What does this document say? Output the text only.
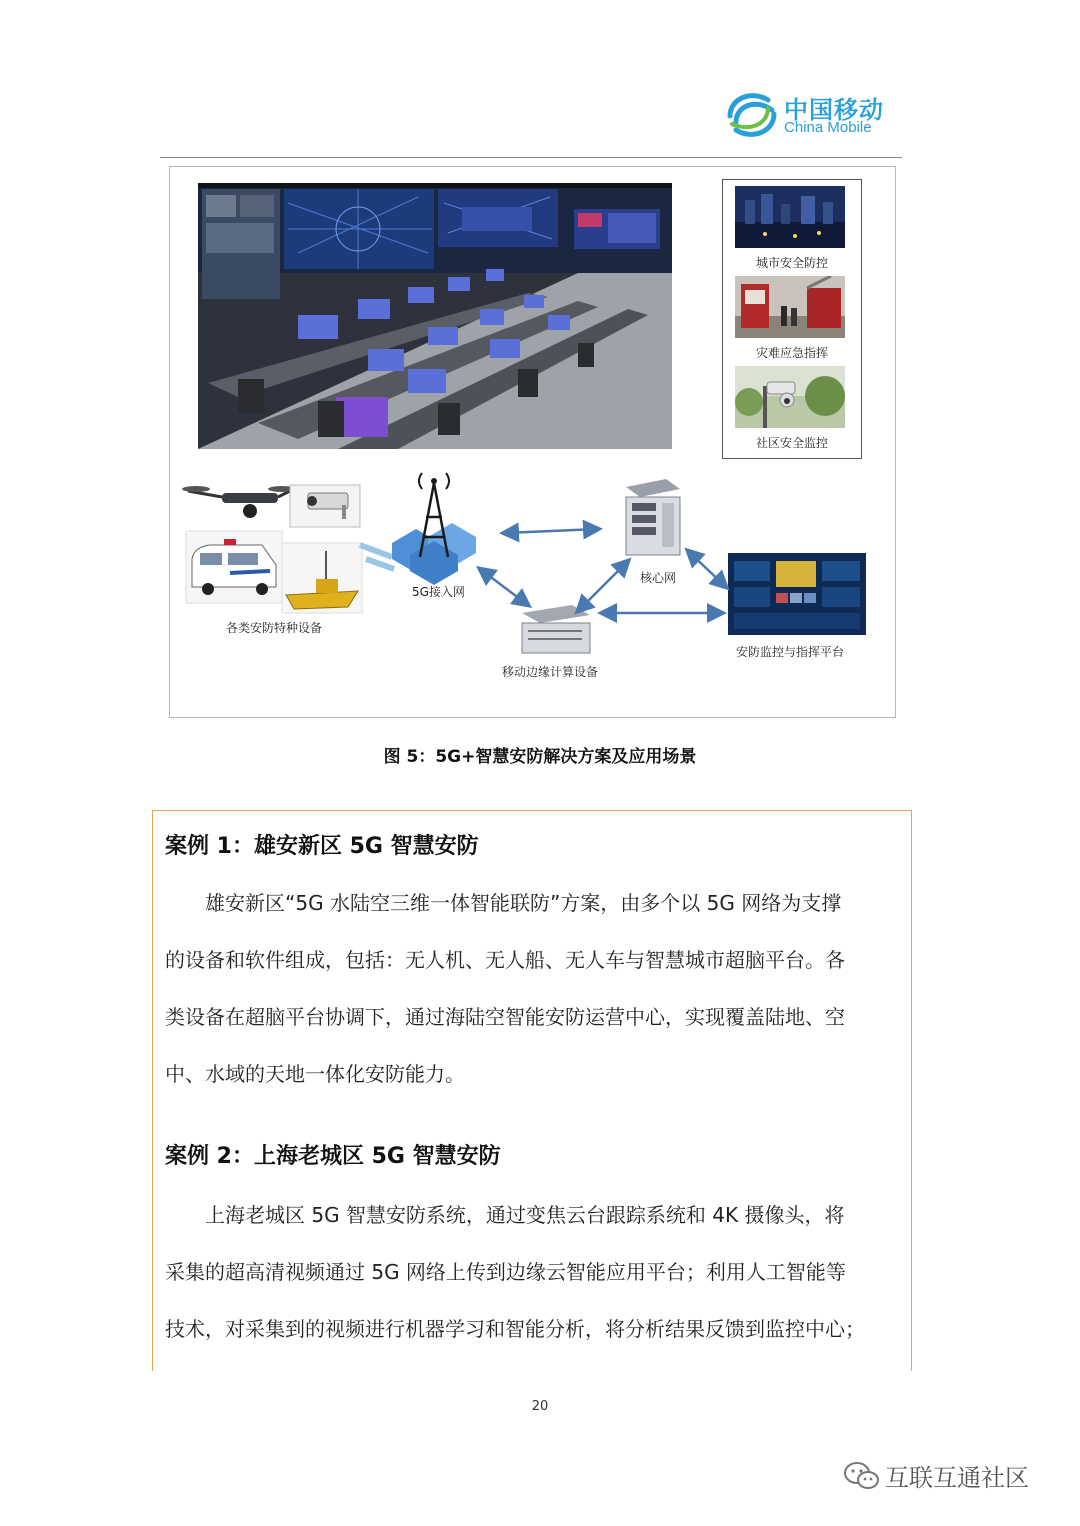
中国移动
China Mobile
城市安全防控
灾难应急指挥
社区安全监控
各类安防特种设备
5G接入网
核心网
移动边缘计算设备
安防监控与指挥平台
图 5：5G+智慧安防解决方案及应用场景
案例 1：雄安新区 5G 智慧安防
雄安新区“5G 水陆空三维一体智能联防”方案，由多个以 5G 网络为支撑
的设备和软件组成，包括：无人机、无人船、无人车与智慧城市超脑平台。各
类设备在超脑平台协调下，通过海陆空智能安防运营中心，实现覆盖陆地、空
中、水域的天地一体化安防能力。
案例 2：上海老城区 5G 智慧安防
上海老城区 5G 智慧安防系统，通过变焦云台跟踪系统和 4K 摄像头，将
采集的超高清视频通过 5G 网络上传到边缘云智能应用平台；利用人工智能等
技术，对采集到的视频进行机器学习和智能分析，将分析结果反馈到监控中心；
20
互联互通社区
